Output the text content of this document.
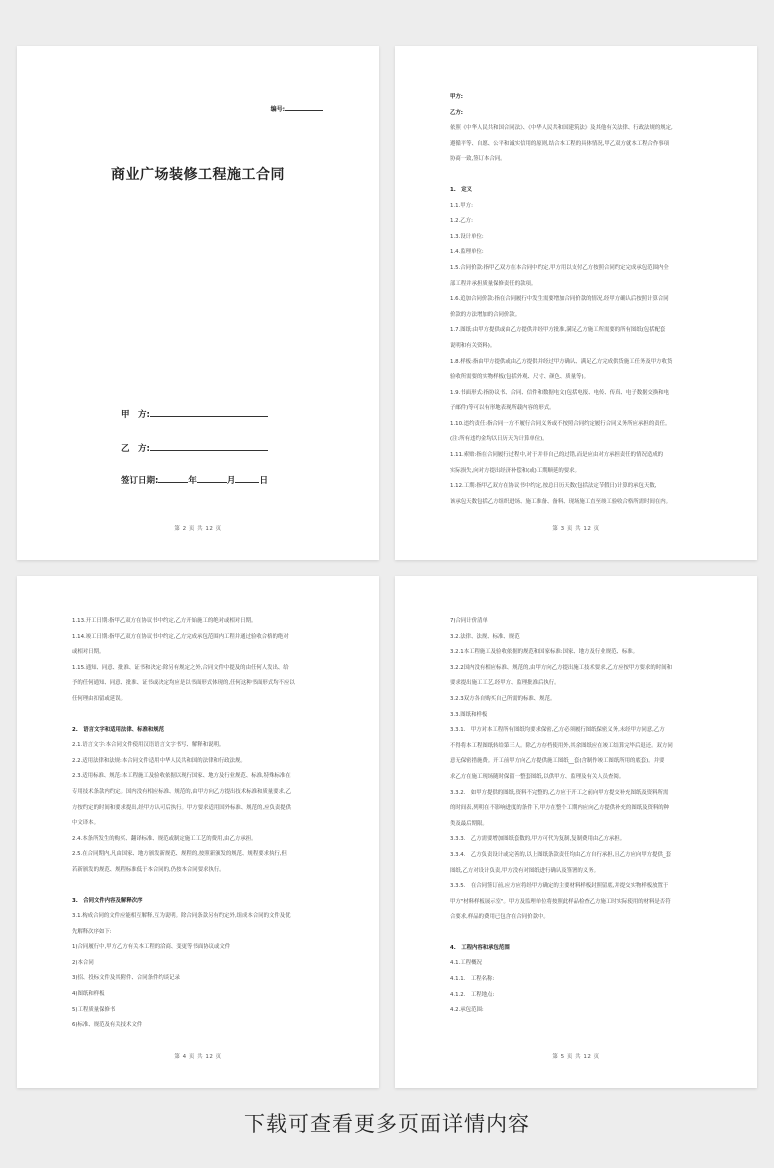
编号:
商业广场装修工程施工合同
甲　方:
乙　方:
签订日期:	年	月	日
第 2 页 共 12 页

甲方:

乙方:

依照《中华人民共和国合同法》、《中华人民共和国建筑法》及其他有关法律、行政法规的规定,

遵循平等、自愿、公平和诚实信用的原则,结合本工程的具体情况,甲乙双方就本工程合作事项

协商一致,签订本合同。

1.　定义

1.1.甲方:

1.2.乙方:

1.3.设计单位:

1.4.监理单位:

1.5.合同价款:指甲乙双方在本合同中约定,甲方用以支付乙方按照合同约定完成承包范围内全

部工程并承担质量保修责任的款项。

1.6.追加合同价款:指在合同履行中发生需要增加合同价款的情况,经甲方确认后按照计算合同

价款的方法增加的合同价款。

1.7.图纸:由甲方提供或由乙方提供并经甲方批准,满足乙方施工所需要的所有图纸(包括配套

说明和有关资料)。

1.8.样板:指由甲方提供或由乙方提供并经过甲方确认、满足乙方完成供货施工任务及甲方收货

验收所需要的实物样板(包括外观、尺寸、颜色、质量等)。

1.9.书面形式:指协议书、合同、信件和数据电文(包括电报、电传、传真、电子数据交换和电

子邮件)等可以有形地表现所载内容的形式。

1.10.违约责任:指合同一方不履行合同义务或不按照合同约定履行合同义务所应承担的责任。

(注:所有违约金均以日历天为计算单位)。

1.11.索赔:指在合同履行过程中,对于并非自己的过错,而是应由对方承担责任的情况造成的

实际损失,向对方提出经济补偿和(或)工期顺延的要求。

1.12.工期:指甲乙双方在协议书中约定,按总日历天数(包括法定节假日)计算的承包天数,

该承包天数包括乙方组织进场、施工准备、备料、现场施工直至竣工验收合格所需时间在内。

第 3 页 共 12 页

1.13.开工日期:指甲乙双方在协议书中约定,乙方开始施工的绝对或相对日期。

1.14.竣工日期:指甲乙双方在协议书中约定,乙方完成承包范围内工程并通过验收合格的绝对

或相对日期。

1.15.通知、同意、批准、证书和决定:除另有规定之外,合同文件中提及的由任何人发出、给

予的任何通知、同意、批准、证书或决定均应是以书面形式体现的,任何这种书面形式均不应以

任何理由扣留或延误。

2.　语言文字和适用法律、标准和规范

2.1.语言文字:本合同文件使用汉语语言文字书写、解释和说明。

2.2.适用法律和法规:本合同文件适用中华人民共和国的法律和行政法规。

2.3.适用标准、规范:本工程施工及验收依据以现行国家、地方及行业规范、标准,特殊标准在

专用技术条款内约定。国内没有相应标准、规范的,由甲方向乙方提出技术标准和质量要求,乙

方按约定的时间和要求提出,经甲方认可后执行。甲方要求适用国外标准、规范的,应负责提供

中文译本。

2.4.本条所发生的购买、翻译标准、规范或制定施工工艺的费用,由乙方承担。

2.5.在合同期内,凡由国家、地方颁发新规范、规程的,按照新颁发的规范、规程要求执行,但

若新颁发的规范、规程标准低于本合同的,仍按本合同要求执行。

3.　合同文件内容及解释次序

3.1.构成合同的文件应能相互解释,互为说明。除合同条款另有约定外,组成本合同的文件及优

先解释次序如下:

1)合同履行中,甲方乙方有关本工程的洽商、变更等书面协议或文件

2)本合同

3)招、投标文件及其附件、合同条件约谈记录

4)图纸和样板

5)工程质量保修书

6)标准、规范及有关技术文件

第 4 页 共 12 页

7)合同计价清单

3.2.法律、法规、标准、规范

3.2.1本工程施工及验收依据的规范和国家标准:国家、地方及行业规范、标准。

3.2.2国内没有相应标准、规范的,由甲方向乙方提出施工技术要求,乙方应按甲方要求的时间和

要求提出施工工艺,经甲方、监理批准后执行。

3.2.3双方各自购买自己所需的标准、规范。

3.3.图纸和样板

3.3.1.　甲方对本工程所有图纸均要求保密,乙方必须履行图纸保密义务,未经甲方同意,乙方

不得将本工程图纸转给第三人。除乙方存档使用外,其余图纸应在竣工结算完毕后退还。双方同

意无保密措施费。开工前甲方向乙方提供施工图纸__套(含制作竣工图纸所用的底套)。并要

求乙方在施工现场随时保留一整套图纸,以供甲方、监理及有关人员查阅。

3.3.2.　如甲方提供的图纸,资料不完整的,乙方应于开工之前向甲方提交补充图纸及资料所需

的时间表,列明在不影响进度的条件下,甲方在整个工期内应向乙方提供补充的图纸及资料的种

类及最后期限。

3.3.3.　乙方需要增加图纸套数的,甲方可代为复制,复制费用由乙方承担。

3.3.4.　乙方负责设计或完善的,以上图纸条款责任均由乙方自行承担,且乙方应向甲方提供_套

图纸,乙方对设计负责,甲方没有对图纸进行确认及签署的义务。

3.3.5.　在合同签订前,应方应将经甲方确定的主要材料样板封照留底,并提交实物样板放置于

甲方"材料样板展示室"。甲方及监理单位将按照此样品检查乙方施工时实际使用的材料是否符

合要求,样品的费用已包含在合同价款中。

4.　工程内容和承包范围

4.1.工程概况

4.1.1.　工程名称:

4.1.2.　工程地点:

4.2.承包范围:

第 5 页 共 12 页
下载可查看更多页面详情内容
